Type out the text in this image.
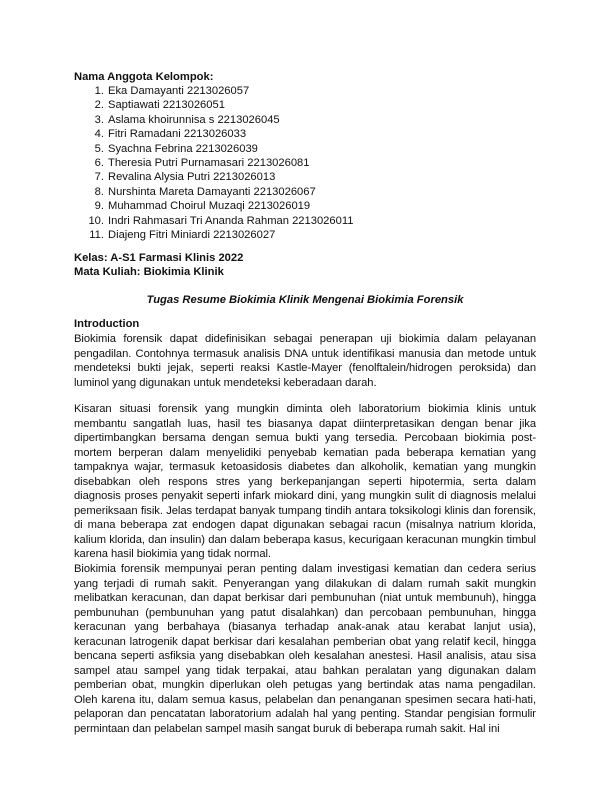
Nama Anggota Kelompok:
1. Eka Damayanti 2213026057
2. Saptiawati 2213026051
3. Aslama khoirunnisa s 2213026045
4. Fitri Ramadani 2213026033
5. Syachna Febrina 2213026039
6. Theresia Putri Purnamasari 2213026081
7. Revalina Alysia Putri 2213026013
8. Nurshinta Mareta Damayanti 2213026067
9. Muhammad Choirul Muzaqi 2213026019
10. Indri Rahmasari Tri Ananda Rahman 2213026011
11. Diajeng Fitri Miniardi 2213026027
Kelas: A-S1 Farmasi Klinis 2022
Mata Kuliah: Biokimia Klinik
Tugas Resume Biokimia Klinik Mengenai Biokimia Forensik
Introduction

Biokimia forensik dapat didefinisikan sebagai penerapan uji biokimia dalam pelayanan pengadilan. Contohnya termasuk analisis DNA untuk identifikasi manusia dan metode untuk mendeteksi bukti jejak, seperti reaksi Kastle-Mayer (fenolftalein/hidrogen peroksida) dan luminol yang digunakan untuk mendeteksi keberadaan darah.

Kisaran situasi forensik yang mungkin diminta oleh laboratorium biokimia klinis untuk membantu sangatlah luas, hasil tes biasanya dapat diinterpretasikan dengan benar jika dipertimbangkan bersama dengan semua bukti yang tersedia. Percobaan biokimia post-mortem berperan dalam menyelidiki penyebab kematian pada beberapa kematian yang tampaknya wajar, termasuk ketoasidosis diabetes dan alkoholik, kematian yang mungkin disebabkan oleh respons stres yang berkepanjangan seperti hipotermia, serta dalam diagnosis proses penyakit seperti infark miokard dini, yang mungkin sulit di diagnosis melalui pemeriksaan fisik. Jelas terdapat banyak tumpang tindih antara toksikologi klinis dan forensik, di mana beberapa zat endogen dapat digunakan sebagai racun (misalnya natrium klorida, kalium klorida, dan insulin) dan dalam beberapa kasus, kecurigaan keracunan mungkin timbul karena hasil biokimia yang tidak normal.

Biokimia forensik mempunyai peran penting dalam investigasi kematian dan cedera serius yang terjadi di rumah sakit. Penyerangan yang dilakukan di dalam rumah sakit mungkin melibatkan keracunan, dan dapat berkisar dari pembunuhan (niat untuk membunuh), hingga pembunuhan (pembunuhan yang patut disalahkan) dan percobaan pembunuhan, hingga keracunan yang berbahaya (biasanya terhadap anak-anak atau kerabat lanjut usia), keracunan latrogenik dapat berkisar dari kesalahan pemberian obat yang relatif kecil, hingga bencana seperti asfiksia yang disebabkan oleh kesalahan anestesi. Hasil analisis, atau sisa sampel atau sampel yang tidak terpakai, atau bahkan peralatan yang digunakan dalam pemberian obat, mungkin diperlukan oleh petugas yang bertindak atas nama pengadilan. Oleh karena itu, dalam semua kasus, pelabelan dan penanganan spesimen secara hati-hati, pelaporan dan pencatatan laboratorium adalah hal yang penting. Standar pengisian formulir permintaan dan pelabelan sampel masih sangat buruk di beberapa rumah sakit. Hal ini
